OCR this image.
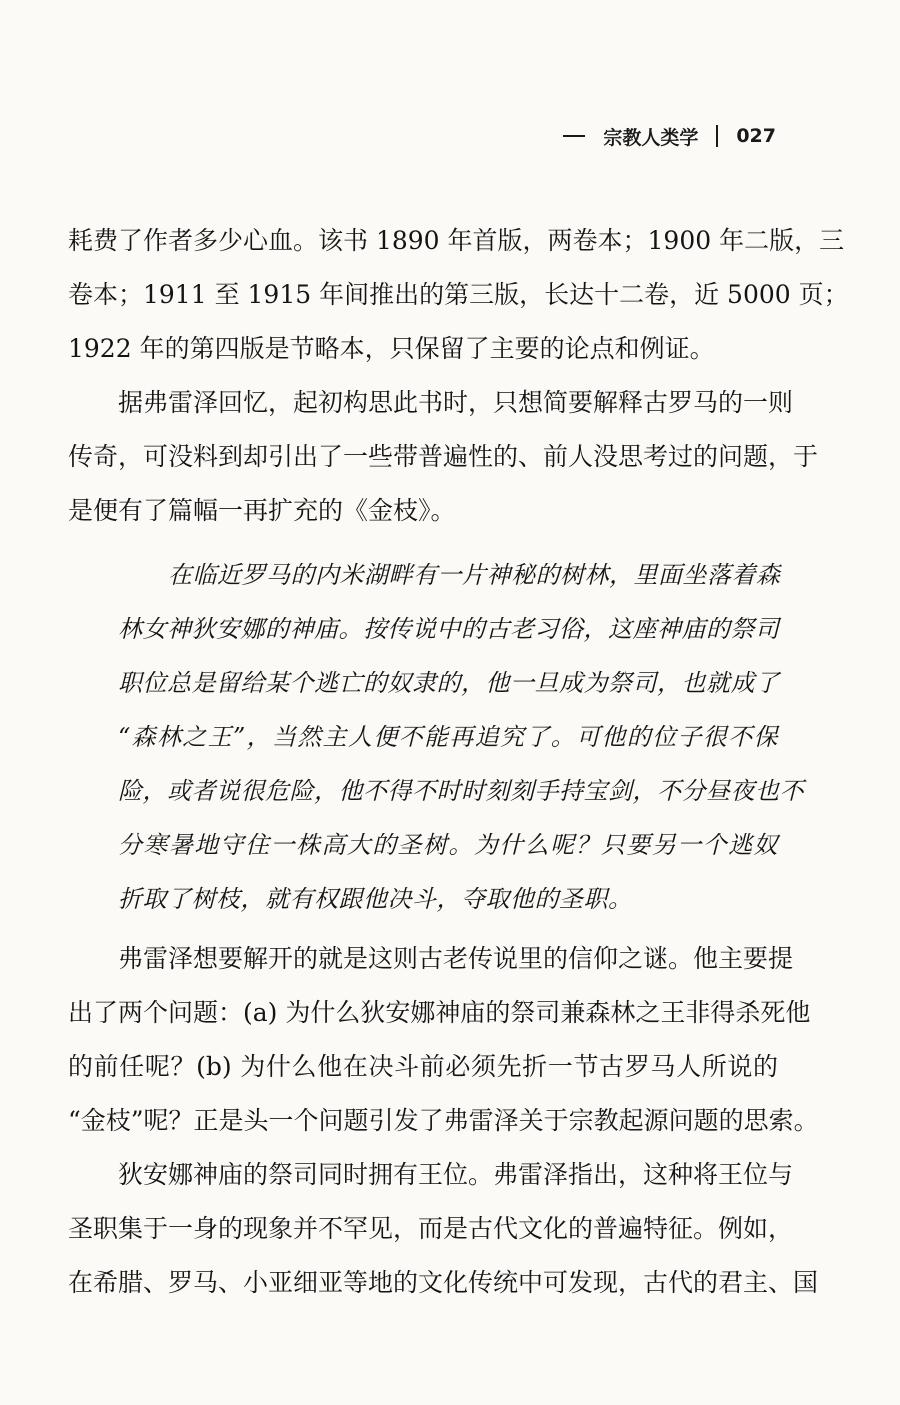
宗教人类学 027
耗费了作者多少心血。该书 1890 年首版，两卷本；1900 年二版，三
卷本；1911 至 1915 年间推出的第三版，长达十二卷，近 5000 页；
1922 年的第四版是节略本，只保留了主要的论点和例证。
据弗雷泽回忆，起初构思此书时，只想简要解释古罗马的一则
传奇，可没料到却引出了一些带普遍性的、前人没思考过的问题，于
是便有了篇幅一再扩充的《金枝》。
在临近罗马的内米湖畔有一片神秘的树林，里面坐落着森
林女神狄安娜的神庙。按传说中的古老习俗，这座神庙的祭司
职位总是留给某个逃亡的奴隶的，他一旦成为祭司，也就成了
“森林之王”，当然主人便不能再追究了。可他的位子很不保
险，或者说很危险，他不得不时时刻刻手持宝剑，不分昼夜也不
分寒暑地守住一株高大的圣树。为什么呢？只要另一个逃奴
折取了树枝，就有权跟他决斗，夺取他的圣职。
弗雷泽想要解开的就是这则古老传说里的信仰之谜。他主要提
出了两个问题：(a) 为什么狄安娜神庙的祭司兼森林之王非得杀死他
的前任呢？(b) 为什么他在决斗前必须先折一节古罗马人所说的
“金枝”呢？正是头一个问题引发了弗雷泽关于宗教起源问题的思索。
狄安娜神庙的祭司同时拥有王位。弗雷泽指出，这种将王位与
圣职集于一身的现象并不罕见，而是古代文化的普遍特征。例如，
在希腊、罗马、小亚细亚等地的文化传统中可发现，古代的君主、国
